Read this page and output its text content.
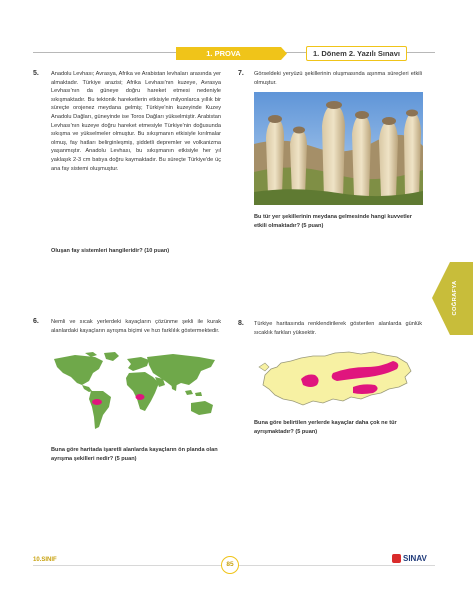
1. PROVA	1. Dönem 2. Yazılı Sınavı
5. Anadolu Levhası; Avrasya, Afrika ve Arabistan levhaları arasında yer almaktadır. Türkiye arazisi; Afrika Levhası'nın kuzeye, Avrasya Levhası'nın da güneye doğru hareket etmesi nedeniyle sıkışmaktadır. Bu tektonik hareketlerin etkisiyle milyonlarca yıllık bir süreçte orojenez meydana gelmiş; Türkiye'nin kuzeyinde Kuzey Anadolu Dağları, güneyinde ise Toros Dağları yükselmiştir. Arabistan Levhası'nın kuzeye doğru hareket etmesiyle Türkiye'nin doğusunda sıkışma ve yükselmeler olmuştur. Bu sıkışmanın etkisiyle kırılmalar olmuş, fay hatları belirginleşmiş, şiddetli depremler ve volkanizma yaşanmıştır. Anadolu Levhası, bu sıkışmanın etkisiyle her yıl yaklaşık 2-3 cm batıya doğru kaymaktadır. Bu süreçte Türkiye'de üç ana fay sistemi oluşmuştur.
Oluşan fay sistemleri hangileridir? (10 puan)
7. Görseldeki yeryüzü şekillerinin oluşmasında aşınma süreçleri etkili olmuştur.
Bu tür yer şekillerinin meydana gelmesinde hangi kuvvetler etkili olmaktadır? (5 puan)
COĞRAFYA
6. Nemli ve sıcak yerlerdeki kayaçların çözünme şekli ile kurak alanlardaki kayaçların ayrışma biçimi ve hızı farklılık göstermektedir.
Buna göre haritada işaretli alanlarda kayaçların ön planda olan ayrışma şekilleri nedir? (5 puan)
8. Türkiye haritasında renklendirilerek gösterilen alanlarda günlük sıcaklık farkları yüksektir.
Buna göre belirtilen yerlerde kayaçlar daha çok ne tür ayrışmaktadır? (5 puan)
10.SINIF
85
SINAV
